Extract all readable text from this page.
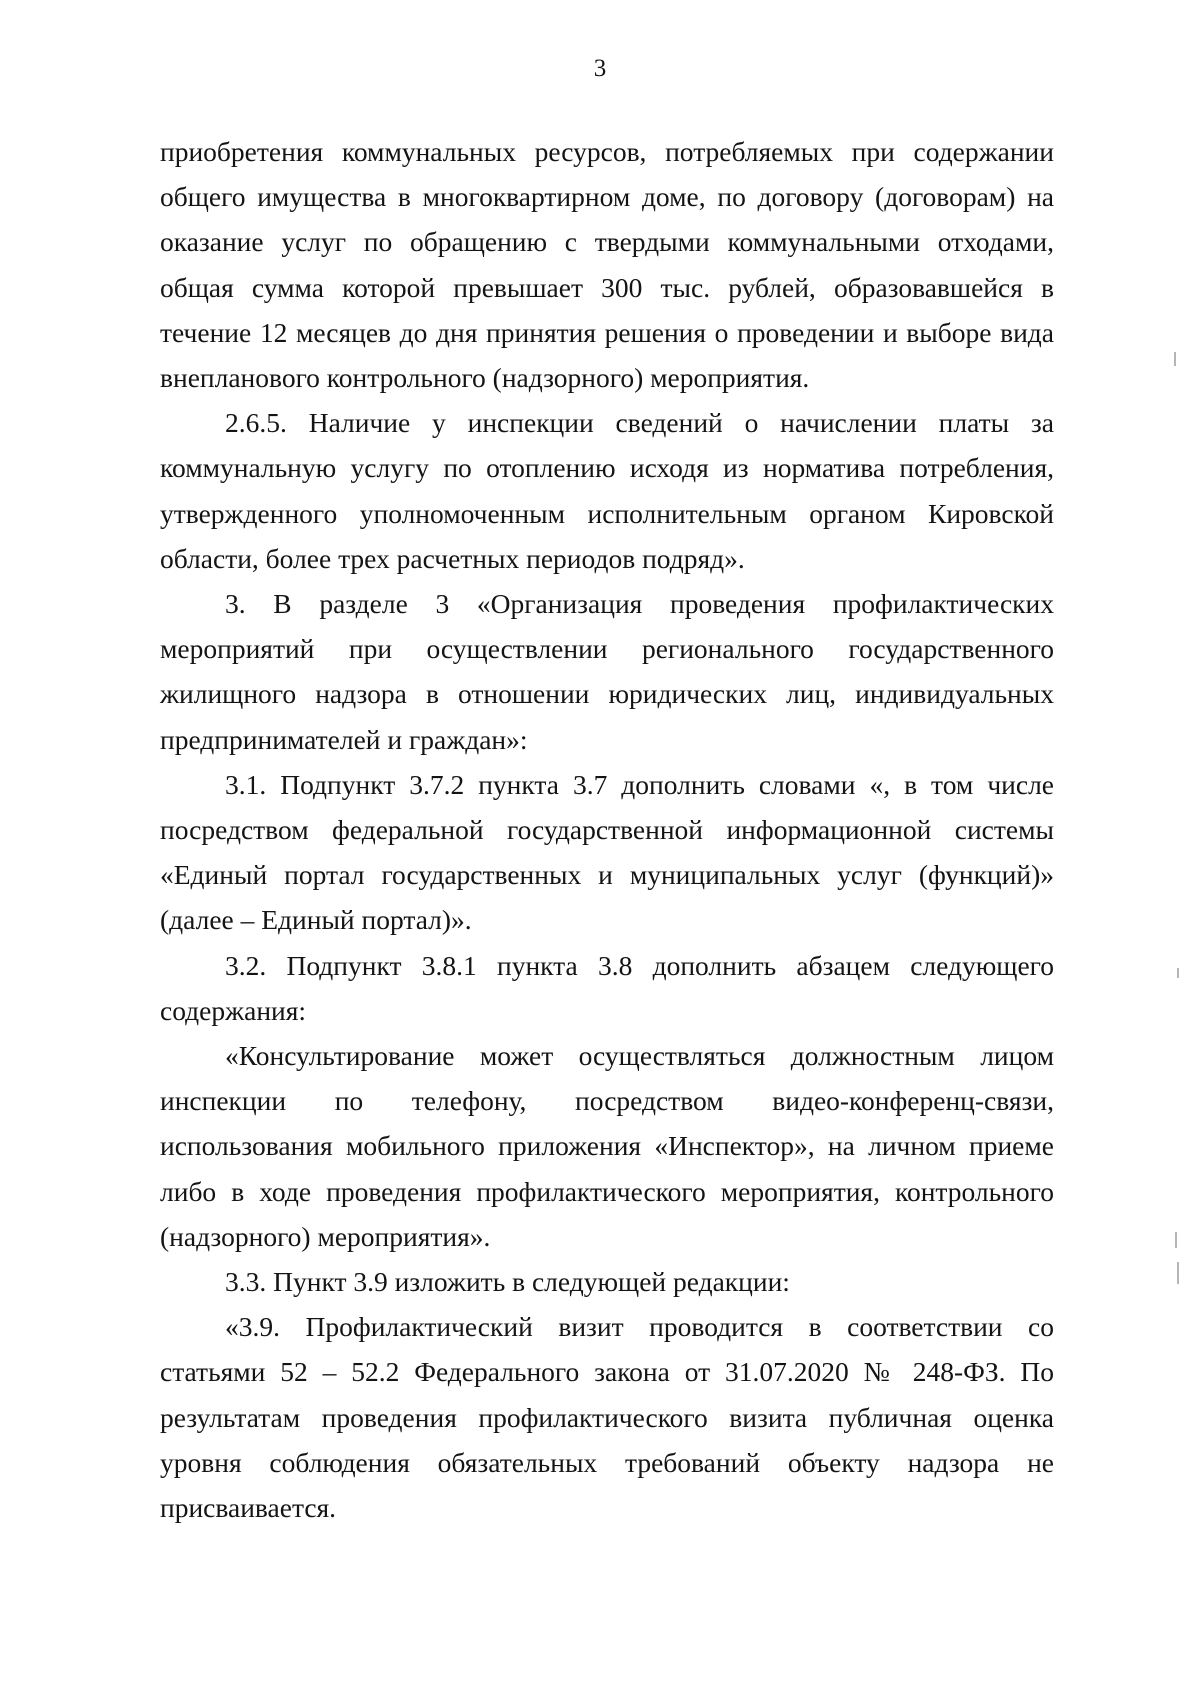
3

приобретения коммунальных ресурсов, потребляемых при содержании общего имущества в многоквартирном доме, по договору (договорам) на оказание услуг по обращению с твердыми коммунальными отходами, общая сумма которой превышает 300 тыс. рублей, образовавшейся в течение 12 месяцев до дня принятия решения о проведении и выборе вида внепланового контрольного (надзорного) мероприятия.

2.6.5. Наличие у инспекции сведений о начислении платы за коммунальную услугу по отоплению исходя из норматива потребления, утвержденного уполномоченным исполнительным органом Кировской области, более трех расчетных периодов подряд».

3. В разделе 3 «Организация проведения профилактических мероприятий при осуществлении регионального государственного жилищного надзора в отношении юридических лиц, индивидуальных предпринимателей и граждан»:

3.1. Подпункт 3.7.2 пункта 3.7 дополнить словами «, в том числе посредством федеральной государственной информационной системы «Единый портал государственных и муниципальных услуг (функций)» (далее – Единый портал)».

3.2. Подпункт 3.8.1 пункта 3.8 дополнить абзацем следующего содержания:

«Консультирование может осуществляться должностным лицом инспекции по телефону, посредством видео-конференц-связи, использования мобильного приложения «Инспектор», на личном приеме либо в ходе проведения профилактического мероприятия, контрольного (надзорного) мероприятия».

3.3. Пункт 3.9 изложить в следующей редакции:

«3.9. Профилактический визит проводится в соответствии со статьями 52 – 52.2 Федерального закона от 31.07.2020 № 248-ФЗ. По результатам проведения профилактического визита публичная оценка уровня соблюдения обязательных требований объекту надзора не присваивается.
